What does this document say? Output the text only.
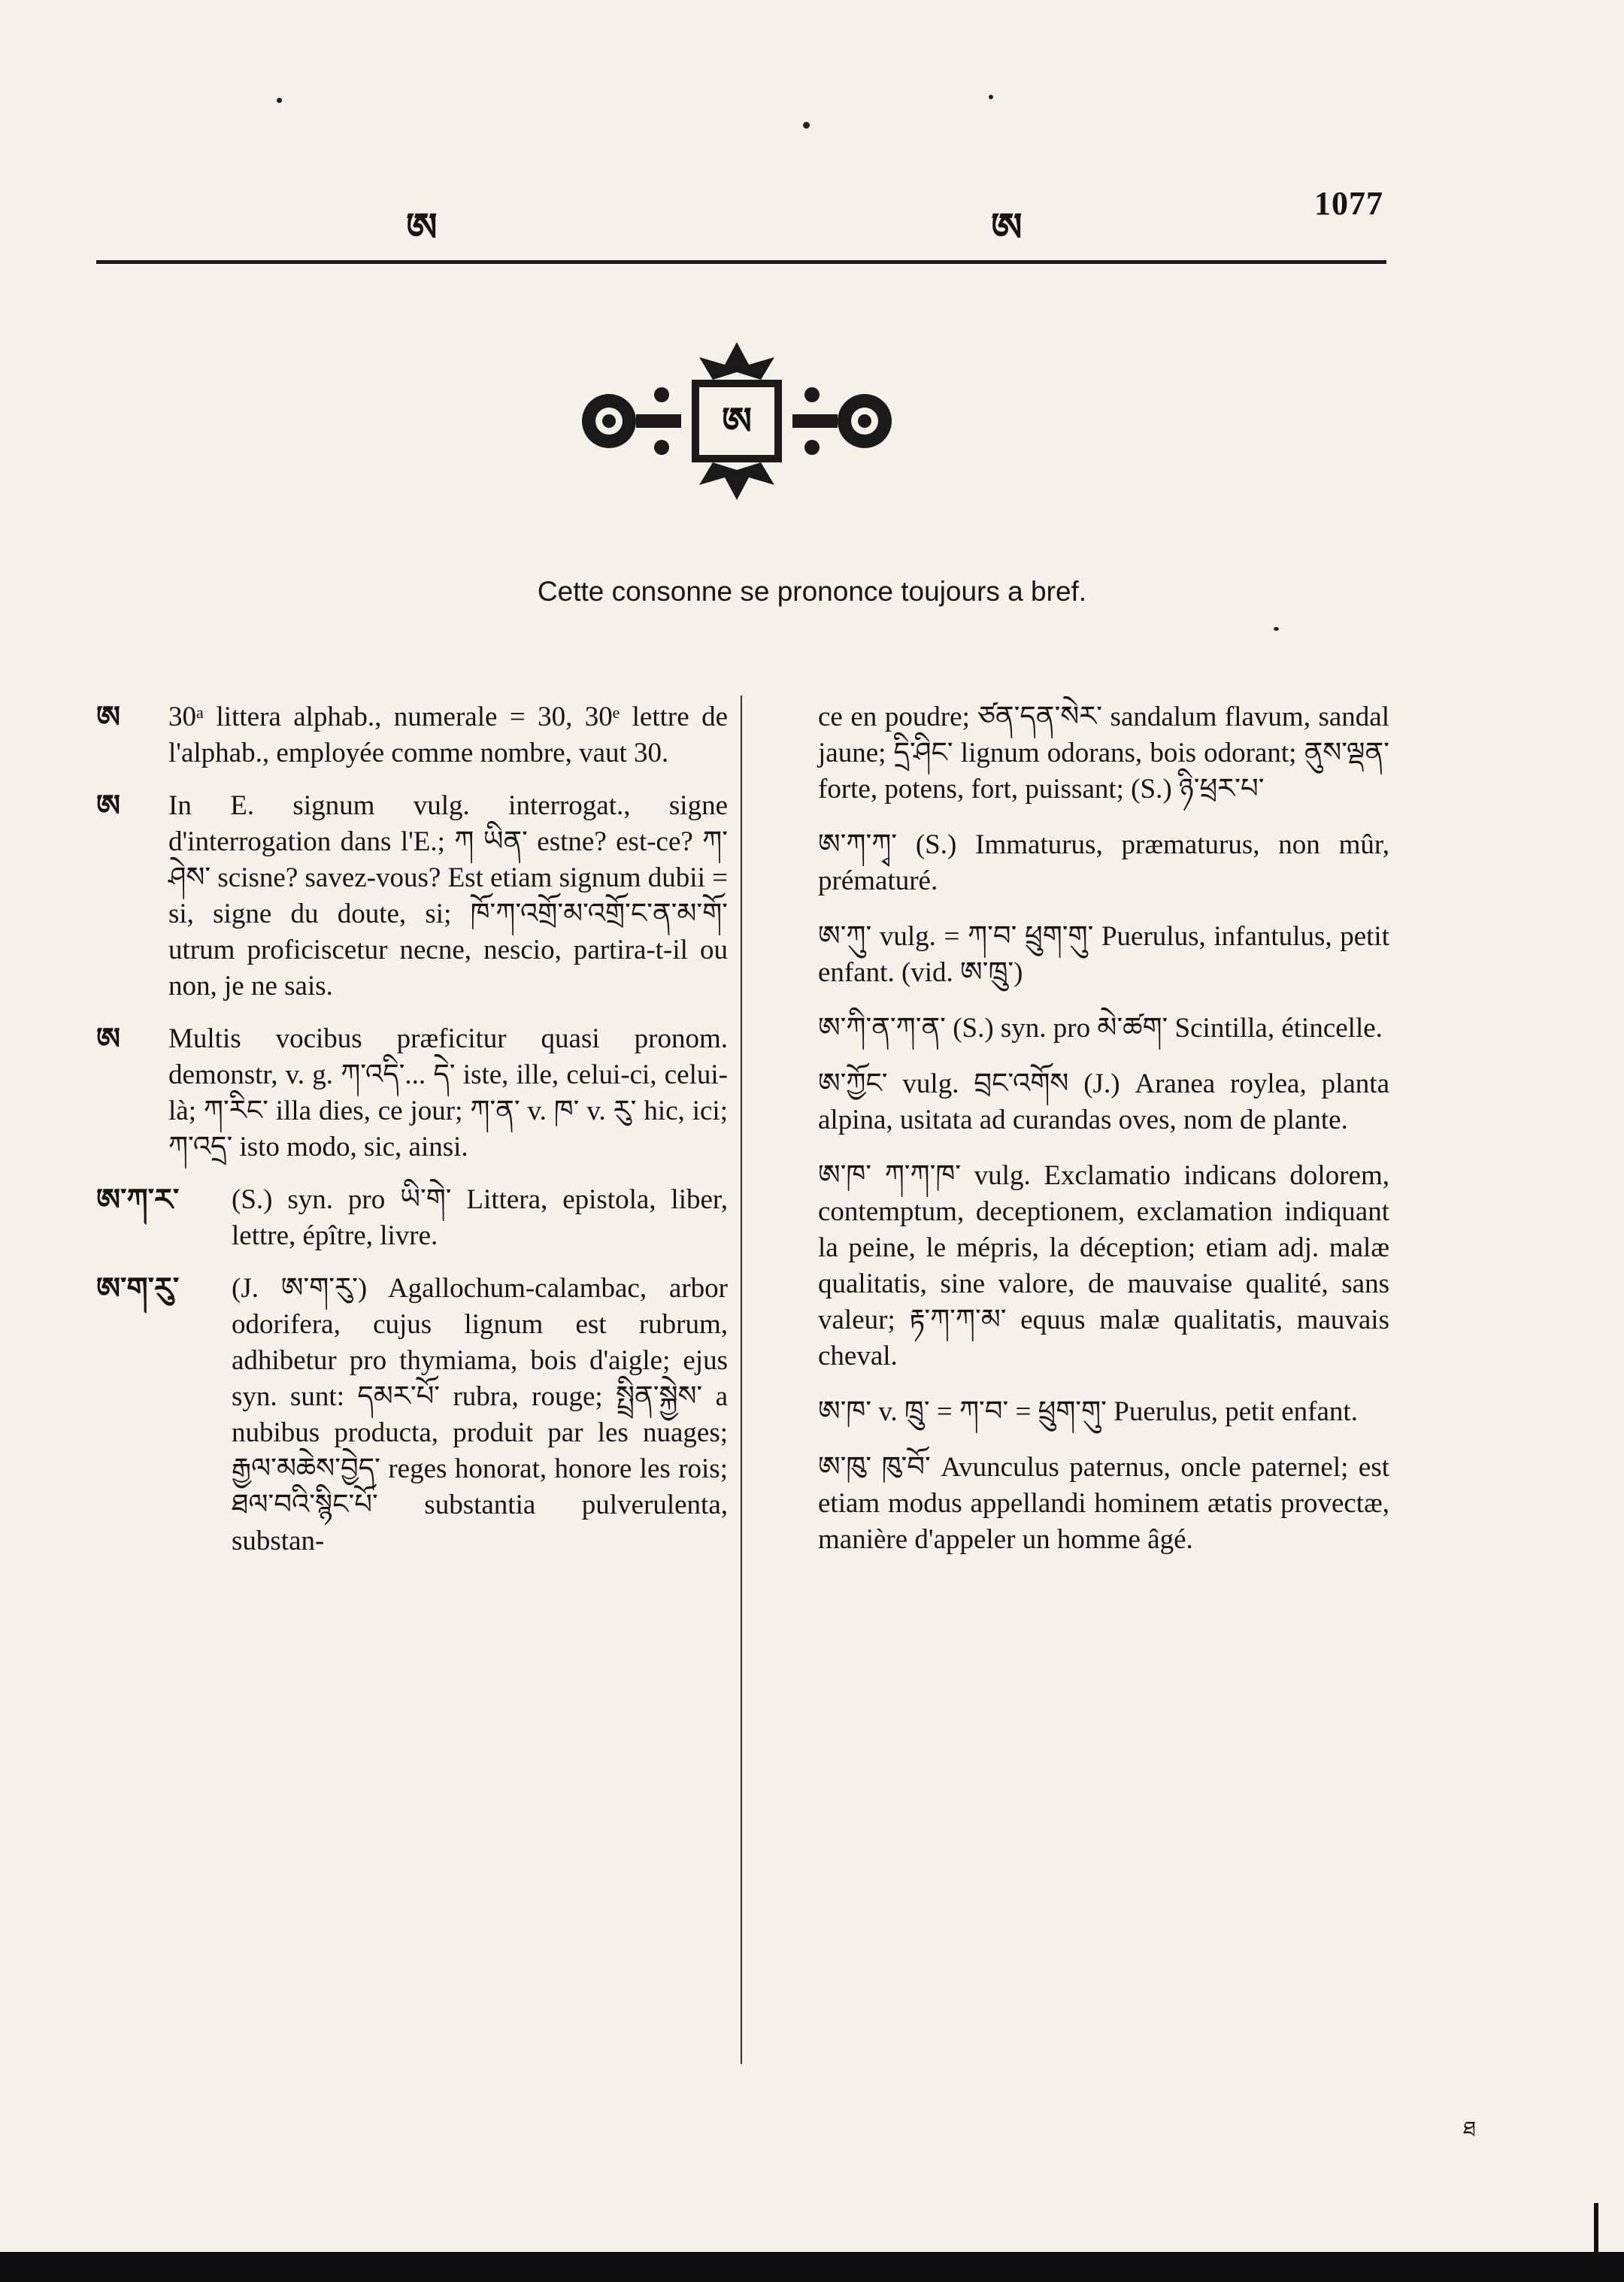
ཨ	ཨ
1077
ཨ
Cette consonne se prononce toujours a bref.
ཨ 30ᵃ littera alphab., numerale = 30, 30ᵉ lettre de l'alphab., employée comme nombre, vaut 30.
ཨ In E. signum vulg. interrogat., signe d'interrogation dans l'E.; ཀ ཡིན་ estne? est-ce? ཀ་ཤེས་ scisne? savez-vous? Est etiam signum dubii = si, signe du doute, si; ཁོ་ཀ་འགྲོ་མ་འགྲོ་ང་ན་མ་གོ་ utrum proficiscetur necne, nescio, partira-t-il ou non, je ne sais.
ཨ Multis vocibus præficitur quasi pronom. demonstr, v. g. ཀ་འདི་... དེ་ iste, ille, celui-ci, celui-là; ཀ་རིང་ illa dies, ce jour; ཀ་ན་ v. ཁ་ v. རུ་ hic, ici; ཀ་འདྲ་ isto modo, sic, ainsi.
ཨ་ཀ་ར་ (S.) syn. pro ཡི་གེ་ Littera, epistola, liber, lettre, épître, livre.
ཨ་ག་རུ་ (J. ཨ་ག་རུ་) Agallochum-calambac, arbor odorifera, cujus lignum est rubrum, adhibetur pro thymiama, bois d'aigle; ejus syn. sunt: དམར་པོ་ rubra, rouge; སྤྲིན་སྐྱེས་ a nubibus producta, produit par les nuages; རྒྱལ་མཆེས་བྱེད་ reges honorat, honore les rois; ཐལ་བའི་སྙིང་པོ་ substantia pulverulenta, substan-
ce en poudre; ཙན་དན་སེར་ sandalum flavum, sandal jaune; དྲི་ཤིང་ lignum odorans, bois odorant; ནུས་ལྡན་ forte, potens, fort, puissant; (S.) ཉི་ཕྲར་པ་
ཨ་ཀ་ཀྭ་ (S.) Immaturus, præmaturus, non mûr, prématuré.
ཨ་ཀུ་ vulg. = ཀ་བ་ ཕྲུག་གུ་ Puerulus, infantulus, petit enfant. (vid. ཨ་ཁྲུ་)
ཨ་ཀི་ན་ཀ་ན་ (S.) syn. pro མེ་ཚག་ Scintilla, étincelle.
ཨ་ཀྱོང་ vulg. བྲང་འགོས (J.) Aranea roylea, planta alpina, usitata ad curandas oves, nom de plante.
ཨ་ཁ་ ཀ་ཀ་ཁ་ vulg. Exclamatio indicans dolorem, contemptum, deceptionem, exclamation indiquant la peine, le mépris, la déception; etiam adj. malæ qualitatis, sine valore, de mauvaise qualité, sans valeur; རྟ་ཀ་ཀ་མ་ equus malæ qualitatis, mauvais cheval.
ཨ་ཁ་ v. ཁྲུ་ = ཀ་བ་ = ཕྲུག་གུ་ Puerulus, petit enfant.
ཨ་ཁུ་ ཁུ་བོ་ Avunculus paternus, oncle paternel; est etiam modus appellandi hominem ætatis provectæ, manière d'appeler un homme âgé.
ཐ
